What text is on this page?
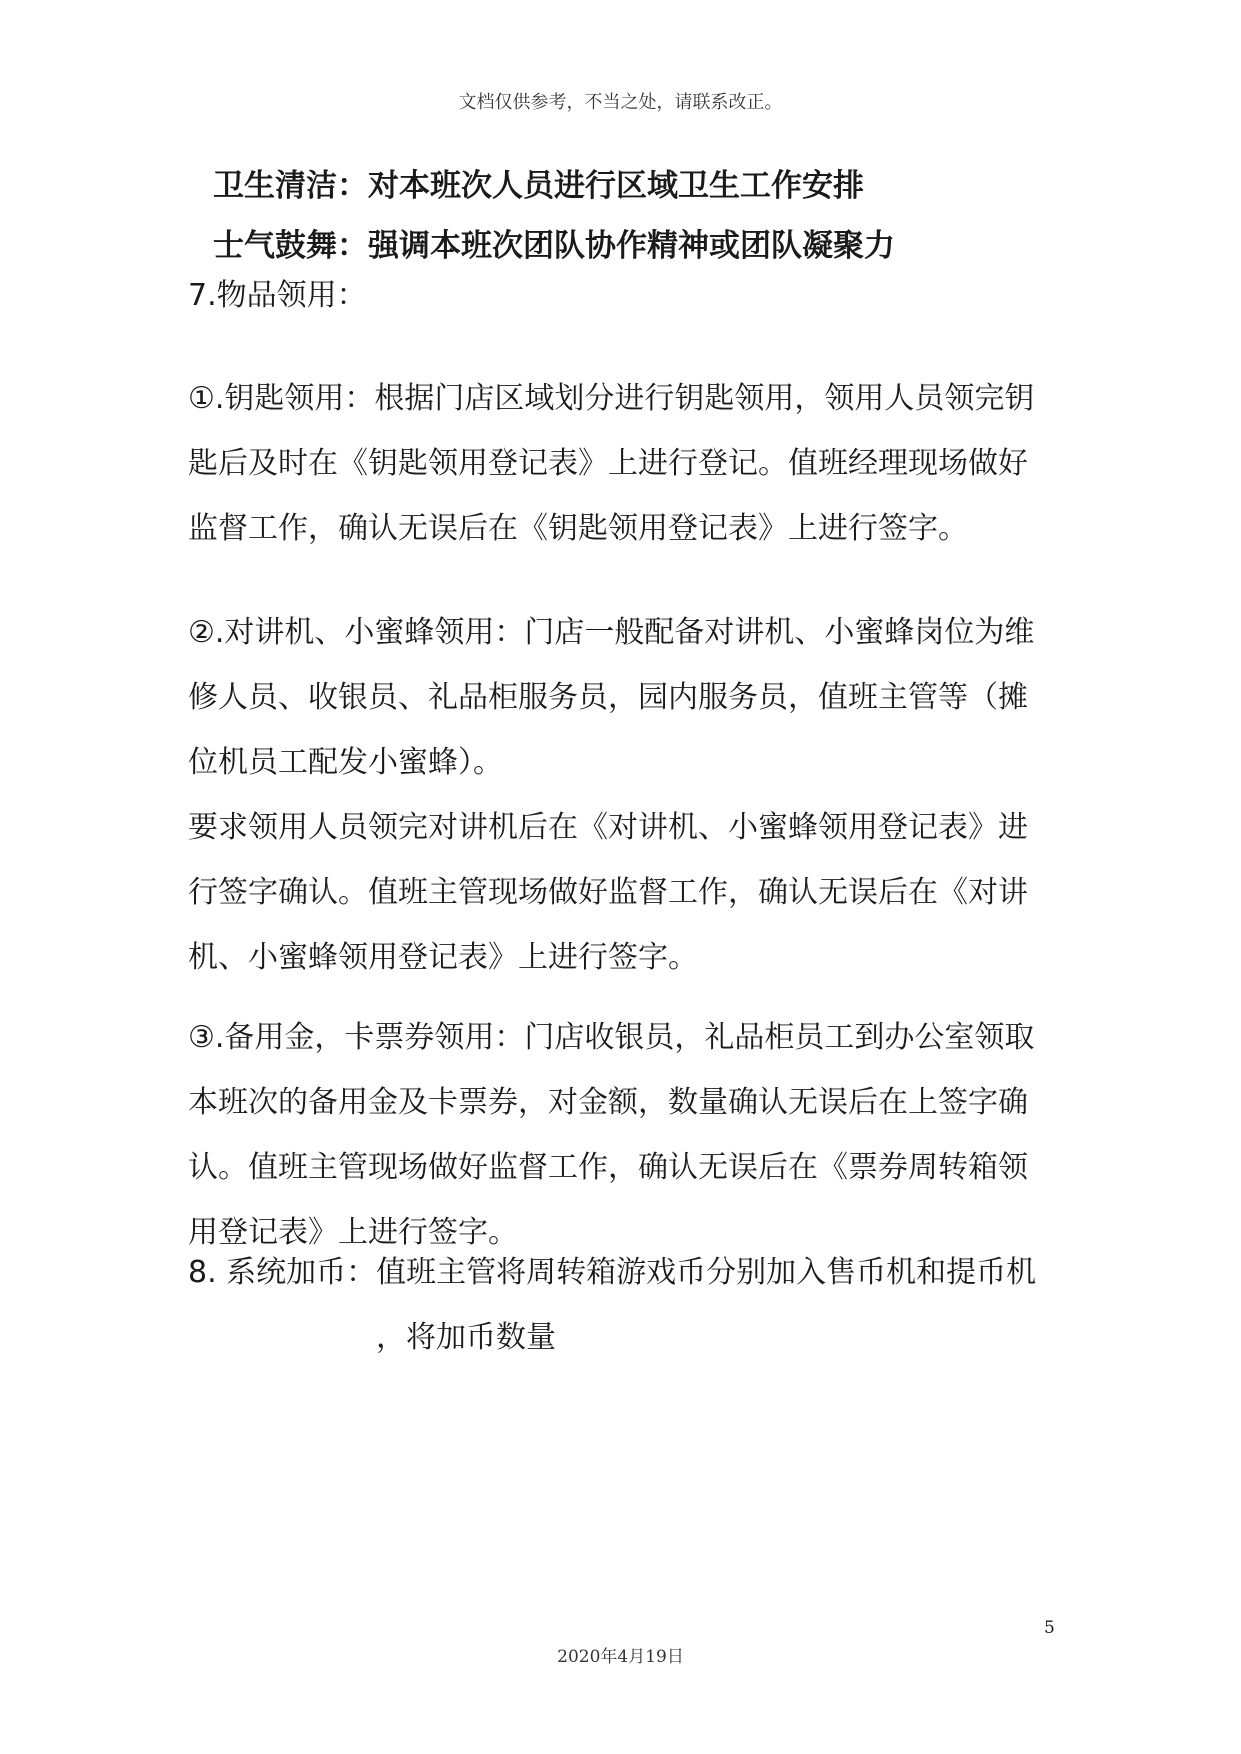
文档仅供参考，不当之处，请联系改正。
卫生清洁：对本班次人员进行区域卫生工作安排
士气鼓舞：强调本班次团队协作精神或团队凝聚力
7.物品领用：
①.钥匙领用：根据门店区域划分进行钥匙领用，领用人员领完钥
匙后及时在《钥匙领用登记表》上进行登记。值班经理现场做好
监督工作，确认无误后在《钥匙领用登记表》上进行签字。
②.对讲机、小蜜蜂领用：门店一般配备对讲机、小蜜蜂岗位为维
修人员、收银员、礼品柜服务员，园内服务员，值班主管等（摊
位机员工配发小蜜蜂）。
要求领用人员领完对讲机后在《对讲机、小蜜蜂领用登记表》进
行签字确认。值班主管现场做好监督工作，确认无误后在《对讲
机、小蜜蜂领用登记表》上进行签字。
③.备用金，卡票券领用：门店收银员，礼品柜员工到办公室领取
本班次的备用金及卡票券，对金额，数量确认无误后在上签字确
认。值班主管现场做好监督工作，确认无误后在《票券周转箱领
用登记表》上进行签字。
8. 系统加币：值班主管将周转箱游戏币分别加入售币机和提币机
，将加币数量
5
2020年4月19日
